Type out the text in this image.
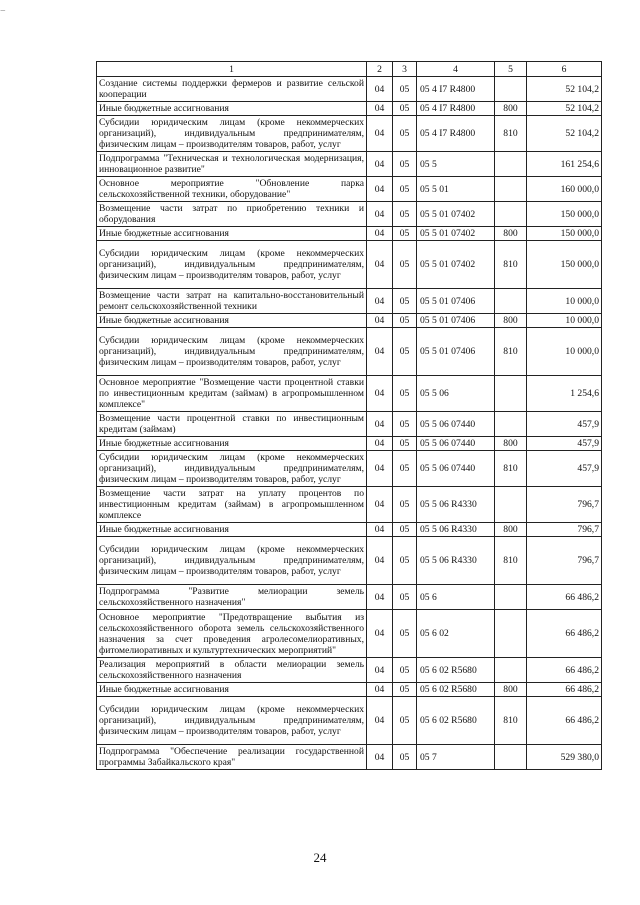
−
1	2	3	4	5	6
Создание системы поддержки фермеров и развитие сельской кооперации	04	05	05 4 I7 R4800		52 104,2
Иные бюджетные ассигнования	04	05	05 4 I7 R4800	800	52 104,2
Субсидии юридическим лицам (кроме некоммерческих организаций), индивидуальным предпринимателям, физическим лицам – производителям товаров, работ, услуг	04	05	05 4 I7 R4800	810	52 104,2
Подпрограмма "Техническая и технологическая модернизация, инновационное развитие"	04	05	05 5		161 254,6
Основное мероприятие "Обновление парка сельскохозяйственной техники, оборудование"	04	05	05 5 01		160 000,0
Возмещение части затрат по приобретению техники и оборудования	04	05	05 5 01 07402		150 000,0
Иные бюджетные ассигнования	04	05	05 5 01 07402	800	150 000,0
Субсидии юридическим лицам (кроме некоммерческих организаций), индивидуальным предпринимателям, физическим лицам – производителям товаров, работ, услуг	04	05	05 5 01 07402	810	150 000,0
Возмещение части затрат на капитально-восстановительный ремонт сельскохозяйственной техники	04	05	05 5 01 07406		10 000,0
Иные бюджетные ассигнования	04	05	05 5 01 07406	800	10 000,0
Субсидии юридическим лицам (кроме некоммерческих организаций), индивидуальным предпринимателям, физическим лицам – производителям товаров, работ, услуг	04	05	05 5 01 07406	810	10 000,0
Основное мероприятие "Возмещение части процентной ставки по инвестиционным кредитам (займам) в агропромышленном комплексе"	04	05	05 5 06		1 254,6
Возмещение части процентной ставки по инвестиционным кредитам (займам)	04	05	05 5 06 07440		457,9
Иные бюджетные ассигнования	04	05	05 5 06 07440	800	457,9
Субсидии юридическим лицам (кроме некоммерческих организаций), индивидуальным предпринимателям, физическим лицам – производителям товаров, работ, услуг	04	05	05 5 06 07440	810	457,9
Возмещение части затрат на уплату процентов по инвестиционным кредитам (займам) в агропромышленном комплексе	04	05	05 5 06 R4330		796,7
Иные бюджетные ассигнования	04	05	05 5 06 R4330	800	796,7
Субсидии юридическим лицам (кроме некоммерческих организаций), индивидуальным предпринимателям, физическим лицам – производителям товаров, работ, услуг	04	05	05 5 06 R4330	810	796,7
Подпрограмма "Развитие мелиорации земель сельскохозяйственного назначения"	04	05	05 6		66 486,2
Основное мероприятие "Предотвращение выбытия из сельскохозяйственного оборота земель сельскохозяйственного назначения за счет проведения агролесомелиоративных, фитомелиоративных и культуртехнических мероприятий"	04	05	05 6 02		66 486,2
Реализация мероприятий в области мелиорации земель сельскохозяйственного назначения	04	05	05 6 02 R5680		66 486,2
Иные бюджетные ассигнования	04	05	05 6 02 R5680	800	66 486,2
Субсидии юридическим лицам (кроме некоммерческих организаций), индивидуальным предпринимателям, физическим лицам – производителям товаров, работ, услуг	04	05	05 6 02 R5680	810	66 486,2
Подпрограмма "Обеспечение реализации государственной программы Забайкальского края"	04	05	05 7		529 380,0
24
